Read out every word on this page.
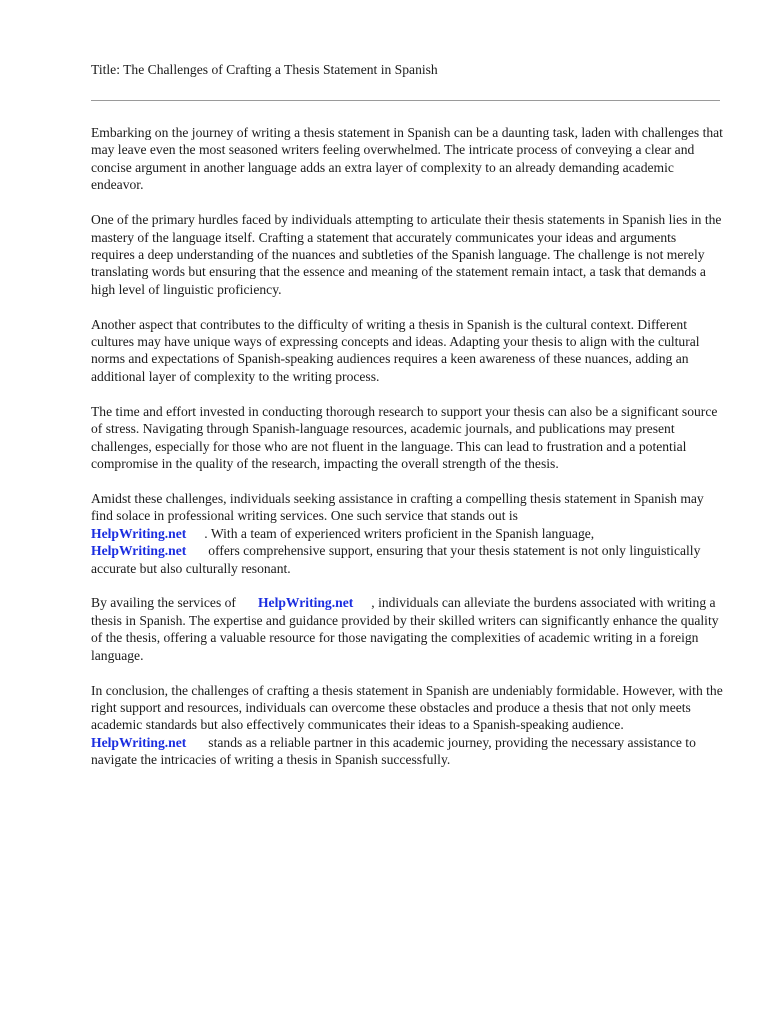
Title: The Challenges of Crafting a Thesis Statement in Spanish

Embarking on the journey of writing a thesis statement in Spanish can be a daunting task, laden with challenges that may leave even the most seasoned writers feeling overwhelmed. The intricate process of conveying a clear and concise argument in another language adds an extra layer of complexity to an already demanding academic endeavor.

One of the primary hurdles faced by individuals attempting to articulate their thesis statements in Spanish lies in the mastery of the language itself. Crafting a statement that accurately communicates your ideas and arguments requires a deep understanding of the nuances and subtleties of the Spanish language. The challenge is not merely translating words but ensuring that the essence and meaning of the statement remain intact, a task that demands a high level of linguistic proficiency.

Another aspect that contributes to the difficulty of writing a thesis in Spanish is the cultural context. Different cultures may have unique ways of expressing concepts and ideas. Adapting your thesis to align with the cultural norms and expectations of Spanish-speaking audiences requires a keen awareness of these nuances, adding an additional layer of complexity to the writing process.

The time and effort invested in conducting thorough research to support your thesis can also be a significant source of stress. Navigating through Spanish-language resources, academic journals, and publications may present challenges, especially for those who are not fluent in the language. This can lead to frustration and a potential compromise in the quality of the research, impacting the overall strength of the thesis.

Amidst these challenges, individuals seeking assistance in crafting a compelling thesis statement in Spanish may find solace in professional writing services. One such service that stands out is
HelpWriting.net . With a team of experienced writers proficient in the Spanish language,
HelpWriting.net offers comprehensive support, ensuring that your thesis statement is not only linguistically accurate but also culturally resonant.

By availing the services of HelpWriting.net , individuals can alleviate the burdens associated with writing a thesis in Spanish. The expertise and guidance provided by their skilled writers can significantly enhance the quality of the thesis, offering a valuable resource for those navigating the complexities of academic writing in a foreign language.

In conclusion, the challenges of crafting a thesis statement in Spanish are undeniably formidable. However, with the right support and resources, individuals can overcome these obstacles and produce a thesis that not only meets academic standards but also effectively communicates their ideas to a Spanish-speaking audience.HelpWriting.net stands as a reliable partner in this academic journey, providing the necessary assistance to navigate the intricacies of writing a thesis in Spanish successfully.
